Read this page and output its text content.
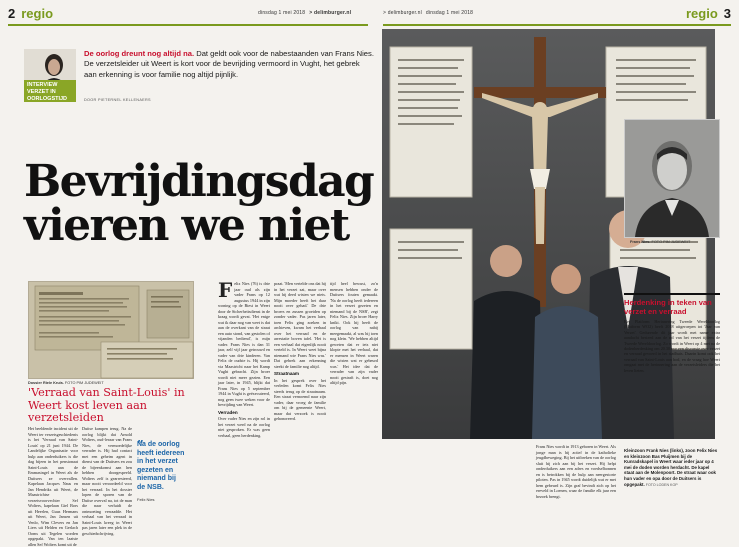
2 regio	dinsdag 1 mei 2018 > delimburger.nl	> delimburger.nl dinsdag 1 mei 2018	regio 3
INTERVIEW
VERZET IN
OORLOGSTIJD
De oorlog dreunt nog altijd na. Dat geldt ook voor de nabestaanden van Frans Nies. De verzetsleider uit Weert is kort voor de bevrijding vermoord in Vught, het gebrek aan erkenning is voor familie nog altijd pijnlijk.
DOOR PIETERNEL KELLENAERS
Bevrijdingsdag
vieren we niet
Dossier Riele Kruis. FOTO PIM JUDEWEIT
'Verraad van Saint-Louis' in Weert kost leven aan verzetsleiden
Het beeldende incident uit de Weert ter verzetsgeschiedenis is het 'Verraad van Saint-Louis' op 21 juni 1944. De Landelijke Organisatie voor hulp aan onderduikers is die dag bijeen in het pensionaat Saint-Louis aan de Emmasingel in Weert als de Duitsers ze overvallen. Kapelaan Jacques Naus en Jan Hendriks uit Weert, de Maastrichtse verzetsvoorvechter Sef Wolters, kapelaan Giel Bors uit Heerlen, Guus Hermans uit Weert, Jan Jansen uit Venlo, Wim Clevers en Jan Liers uit Helden en Gerlach Ooms uit Tegelen worden opgepakt. Van ten laatste allen Sef Wolters komt uit de
Duitse kampen terug. Na de oorlog blijkt dat Arnold Wolters, oud-leraar van Frans Nies, de vermoedelijke verrader is. Hij had contact met een geheim agent in dienst van de Duitsers en zou de bijeenkomst aan hen hebben doorgespeeld. Wolters zelf is gearresteerd, maar nooit veroordeeld voor het verraad. In het dossier lopen de sporen van de Duitse overval na, tot de man die naar verluidt de ontmoeting verraadde. Het verhaal van het verraad in Saint-Louis kreeg in Weert pas jaren later een plek in de geschiedschrijving.
„
Na de oorlog heeft iedereen in het verzet gezeten en niemand bij de NSB.
Felix Nies
Felix Nies (76) is drie jaar oud als zijn vader Frans op 12 augustus 1944 in zijn woning op de Biest in Weert door de Sicherheitsdienst in de kraag wordt gevat. 'Het enige wat ik daar nog van weet is dat aan de overkant van de straat een auto stond, van gestolen of vijanden bediend', is mijn vader. Frans Nies is dan 31 jaar, zelf vijf jaar getrouwd en vader van drie kinderen. Van Felix de oudste is. Hij wordt via Maastricht naar het Kamp Vught gebracht. Zijn broer wordt niet meer gezien. Een jaar later, in 1945, blijkt dat Frans Nies op 5 september 1944 in Vught is geëxecuteerd, nog geen twee weken voor de bevrijding van Weert.
Verraden
Over vader Nies en zijn rol in het verzet werd na de oorlog niet gesproken. Er was geen verhaal, geen herdenking.
praat. 'Men vertelde ons dat hij in het verzet zat, maar over wat hij deed wisten we niets. Mijn moeder heeft het daar nooit over gehad.' De drie broers en zussen groeiden op zonder vader. Pas jaren later, toen Felix ging zoeken in archieven, kwam het verhaal over het verraad en de arrestatie boven tafel. 'Het is een verhaal dat eigenlijk nooit verteld is. In Weert weet bijna niemand wie Frans Nies was.' Dat gebrek aan erkenning steekt de familie nog altijd.
Straatnaam
In het gesprek over het verleden komt Felix Nies steeds terug op de straatnaam. Een straat vernoemd naar zijn vader, daar vroeg de familie om bij de gemeente Weert, maar dat verzoek is nooit gehonoreerd.
tijd heel bewust, zo'n mensen hebben onder de Duitsers fouten gemaakt. 'Na de oorlog heeft iedereen in het verzet gezeten en niemand bij de NSB', zegt Felix Nies. Zijn broer Harry knikt. Ook hij heeft de oorlog van nabij meegemaakt, al was hij toen nog klein. 'We hebben altijd geweten dat er iets niet klopte met het verhaal, dat er mensen in Weert waren die wisten wat er gebeurd was.' Het idee dat de verrader van zijn vader nooit gestraft is, doet nog altijd pijn.
Frans Nies. FOTO PIM JUDEWEIT
Herdenking in teken van verzet en verraad
Het Platform Herinnering Tweede Wereldoorlog (Platform WO2) heeft 2018 uitgeroepen tot 'Jaar van Verzet'. Gedurende dit jaar wordt met name extra aandacht besteed aan de rol van het verzet tijdens de Tweede Wereldoorlog. Zo wordt in Weert op 4 mei na de dodenherdenking om 20.30 uur een discussie over verzet en verraad gevoerd in het stadhuis. Daarin komt ook het verraad van Saint-Louis aan bod, en de vraag hoe Weert omgaat met de herinnering aan de verzetsleiders die het leven lieten.
Frans Nies wordt in 1913 geboren in Weert. Als jonge man is hij actief in de katholieke jeugdbeweging. Bij het uitbreken van de oorlog sluit hij zich aan bij het verzet. Hij helpt onderduikers aan een adres en voedselbonnen en is betrokken bij de hulp aan neergestorte piloten. Pas in 1945 wordt duidelijk wat er met hem gebeurd is. Zijn graf bevindt zich op het ereveld in Loenen, waar de familie elk jaar een bezoek brengt.
Kleinzoon Frank Nies (links), zoon Felix Nies en kleinzoon Bas Pluijmen bij de Kunradskapel in Weert waar ieder jaar op 4 mei de doden worden herdacht. De kapel staat aan de Molenpoort. De straat waar ook hun vader en opa door de Duitsers is opgepakt. FOTO LODEN KOP
